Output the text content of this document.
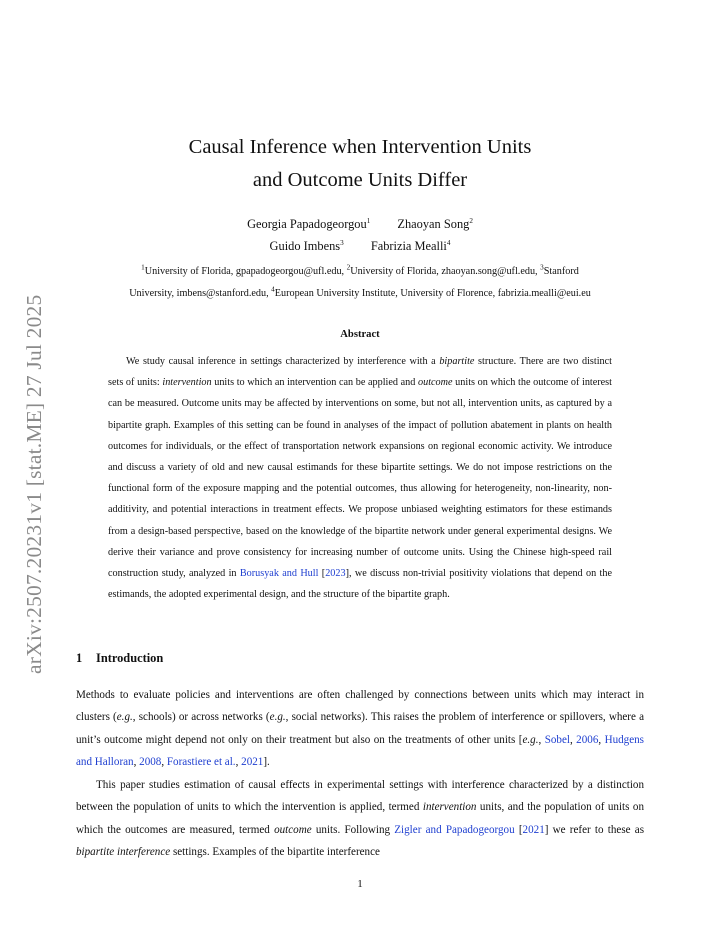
arXiv:2507.20231v1 [stat.ME] 27 Jul 2025
Causal Inference when Intervention Units
and Outcome Units Differ
Georgia Papadogeorgou$^1$ Zhaoyan Song$^2$
Guido Imbens$^3$ Fabrizia Mealli$^4$
$^1$University of Florida, gpapadogeorgou@ufl.edu, $^2$University of Florida, zhaoyan.song@ufl.edu, $^3$Stanford
University, imbens@stanford.edu, $^4$European University Institute, University of Florence, fabrizia.mealli@eui.eu
Abstract
We study causal inference in settings characterized by interference with a bipartite structure. There are two distinct sets of units: intervention units to which an intervention can be applied and outcome units on which the outcome of interest can be measured. Outcome units may be affected by interventions on some, but not all, intervention units, as captured by a bipartite graph. Examples of this setting can be found in analyses of the impact of pollution abatement in plants on health outcomes for individuals, or the effect of transportation network expansions on regional economic activity. We introduce and discuss a variety of old and new causal estimands for these bipartite settings. We do not impose restrictions on the functional form of the exposure mapping and the potential outcomes, thus allowing for heterogeneity, non-linearity, non-additivity, and potential interactions in treatment effects. We propose unbiased weighting estimators for these estimands from a design-based perspective, based on the knowledge of the bipartite network under general experimental designs. We derive their variance and prove consistency for increasing number of outcome units. Using the Chinese high-speed rail construction study, analyzed in Borusyak and Hull [2023], we discuss non-trivial positivity violations that depend on the estimands, the adopted experimental design, and the structure of the bipartite graph.
1 Introduction
Methods to evaluate policies and interventions are often challenged by connections between units which may interact in clusters (e.g., schools) or across networks (e.g., social networks). This raises the problem of interference or spillovers, where a unit’s outcome might depend not only on their treatment but also on the treatments of other units [e.g., Sobel, 2006, Hudgens and Halloran, 2008, Forastiere et al., 2021].
This paper studies estimation of causal effects in experimental settings with interference characterized by a distinction between the population of units to which the intervention is applied, termed intervention units, and the population of units on which the outcomes are measured, termed outcome units. Following Zigler and Papadogeorgou [2021] we refer to these as bipartite interference settings. Examples of the bipartite interference
1
